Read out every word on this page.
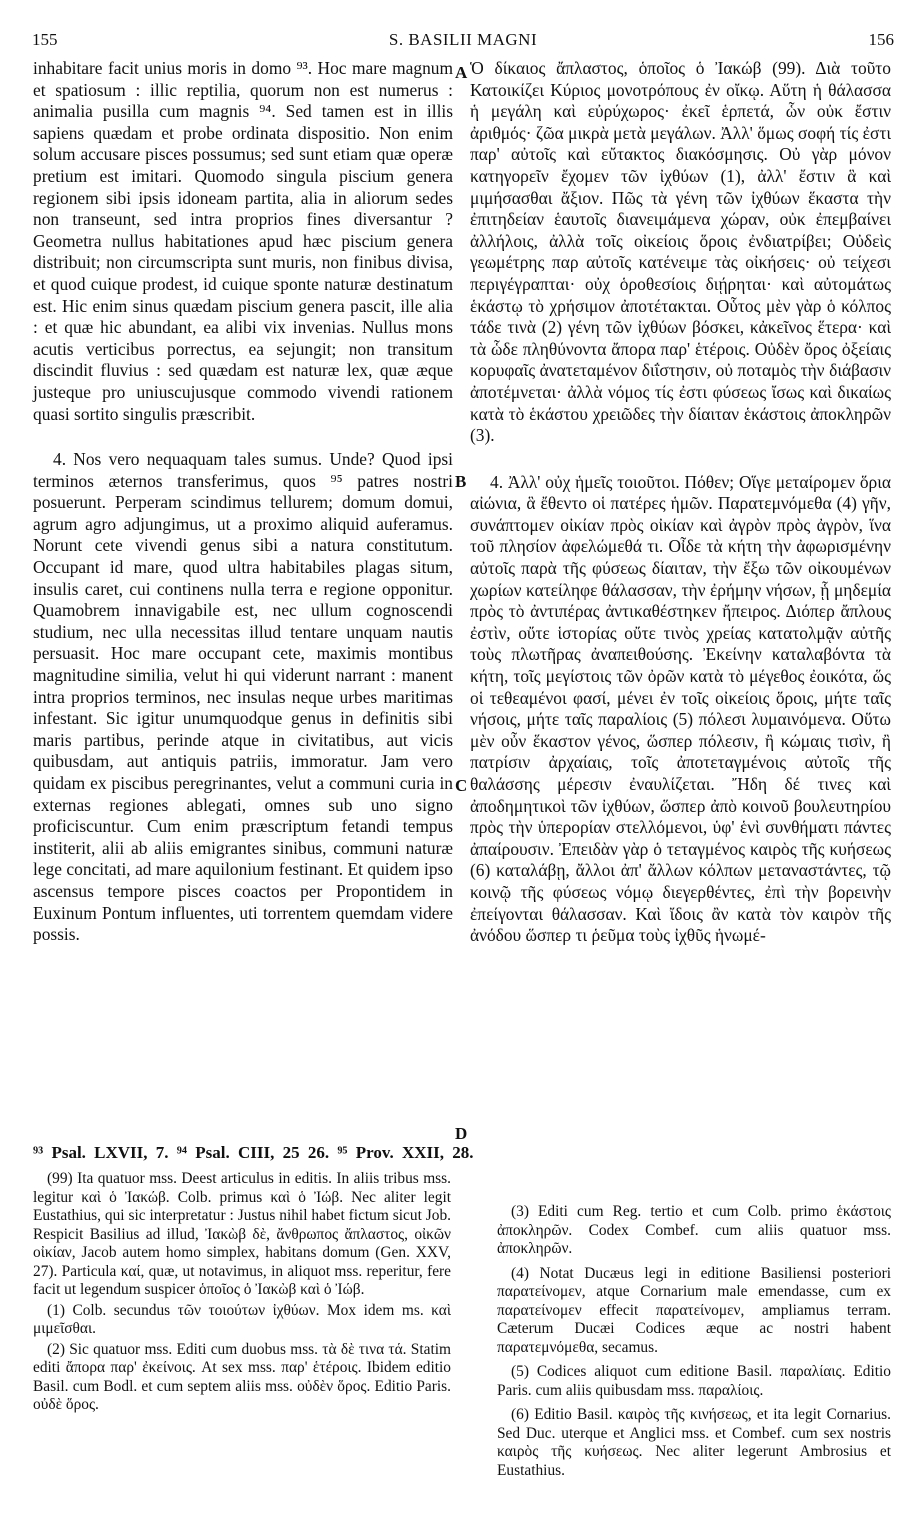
155	S. BASILII MAGNI	156

inhabitare facit unius moris in domo ⁹³. Hoc mare magnum et spatiosum : illic reptilia, quorum non est numerus : animalia pusilla cum magnis ⁹⁴. Sed tamen est in illis sapiens quædam et probe ordinata dispositio. Non enim solum accusare pisces possumus; sed sunt etiam quæ operæ pretium est imitari. Quomodo singula piscium genera regionem sibi ipsis idoneam partita, alia in aliorum sedes non transeunt, sed intra proprios fines diversantur ? Geometra nullus habitationes apud hæc piscium genera distribuit; non circumscripta sunt muris, non finibus divisa, et quod cuique prodest, id cuique sponte naturæ destinatum est. Hic enim sinus quædam piscium genera pascit, ille alia : et quæ hic abundant, ea alibi vix invenias. Nullus mons acutis verticibus porrectus, ea sejungit; non transitum discindit fluvius : sed quædam est naturæ lex, quæ æque justeque pro uniuscujusque commodo vivendi rationem quasi sortito singulis præscribit.

4. Nos vero nequaquam tales sumus. Unde? Quod ipsi terminos æternos transferimus, quos ⁹⁵ patres nostri posuerunt. Perperam scindimus tellurem; domum domui, agrum agro adjungimus, ut a proximo aliquid auferamus. Norunt cete vivendi genus sibi a natura constitutum. Occupant id mare, quod ultra habitabiles plagas situm, insulis caret, cui continens nulla terra e regione opponitur. Quamobrem innavigabile est, nec ullum cognoscendi studium, nec ulla necessitas illud tentare unquam nautis persuasit. Hoc mare occupant cete, maximis montibus magnitudine similia, velut hi qui viderunt narrant : manent intra proprios terminos, nec insulas neque urbes maritimas infestant. Sic igitur unumquodque genus in definitis sibi maris partibus, perinde atque in civitatibus, aut vicis quibusdam, aut antiquis patriis, immoratur. Jam vero quidam ex piscibus peregrinantes, velut a communi curia in externas regiones ablegati, omnes sub uno signo proficiscuntur. Cum enim præscriptum fetandi tempus institerit, alii ab aliis emigrantes sinibus, communi naturæ lege concitati, ad mare aquilonium festinant. Et quidem ipso ascensus tempore pisces coactos per Propontidem in Euxinum Pontum influentes, uti torrentem quemdam videre possis.

Ὁ δίκαιος ἄπλαστος, ὁποῖος ὁ Ἰακώβ (99). Διὰ τοῦτο Κατοικίζει Κύριος μονοτρόπους ἐν οἴκῳ. Αὕτη ἡ θάλασσα ἡ μεγάλη καὶ εὐρύχωρος· ἐκεῖ ἑρπετά, ὧν οὐκ ἔστιν ἀριθμός· ζῶα μικρὰ μετὰ μεγάλων. Ἀλλ' ὅμως σοφή τίς ἐστι παρ' αὐτοῖς καὶ εὔτακτος διακόσμησις. Οὐ γὰρ μόνον κατηγορεῖν ἔχομεν τῶν ἰχθύων (1), ἀλλ' ἔστιν ἃ καὶ μιμήσασθαι ἄξιον. Πῶς τὰ γένη τῶν ἰχθύων ἕκαστα τὴν ἐπιτηδείαν ἑαυτοῖς διανειμάμενα χώραν, οὐκ ἐπεμβαίνει ἀλλήλοις, ἀλλὰ τοῖς οἰκείοις ὅροις ἐνδιατρίβει; Οὐδεὶς γεωμέτρης παρ αὐτοῖς κατένειμε τὰς οἰκήσεις· οὐ τείχεσι περιγέγραπται· οὐχ ὁροθεσίοις διῄρηται· καὶ αὐτομάτως ἑκάστῳ τὸ χρήσιμον ἀποτέτακται. Οὗτος μὲν γὰρ ὁ κόλπος τάδε τινὰ (2) γένη τῶν ἰχθύων βόσκει, κἀκεῖνος ἕτερα· καὶ τὰ ὧδε πληθύνοντα ἄπορα παρ' ἑτέροις. Οὐδὲν ὄρος ὀξείαις κορυφαῖς ἀνατεταμένον διΐστησιν, οὐ ποταμὸς τὴν διάβασιν ἀποτέμνεται· ἀλλὰ νόμος τίς ἐστι φύσεως ἴσως καὶ δικαίως κατὰ τὸ ἑκάστου χρειῶδες τὴν δίαιταν ἑκάστοις ἀποκληρῶν (3).

4. Ἀλλ' οὐχ ἡμεῖς τοιοῦτοι. Πόθεν; Οἵγε μεταίρομεν ὅρια αἰώνια, ἃ ἔθεντο οἱ πατέρες ἡμῶν. Παρατεμνόμεθα (4) γῆν, συνάπτομεν οἰκίαν πρὸς οἰκίαν καὶ ἀγρὸν πρὸς ἀγρὸν, ἵνα τοῦ πλησίον ἀφελώμεθά τι. Οἶδε τὰ κήτη τὴν ἀφωρισμένην αὐτοῖς παρὰ τῆς φύσεως δίαιταν, τὴν ἔξω τῶν οἰκουμένων χωρίων κατείληφε θάλασσαν, τὴν ἐρήμην νήσων, ᾗ μηδεμία πρὸς τὸ ἀντιπέρας ἀντικαθέστηκεν ἤπειρος. Διόπερ ἄπλους ἐστὶν, οὔτε ἱστορίας οὔτε τινὸς χρείας κατατολμᾷν αὐτῆς τοὺς πλωτῆρας ἀναπειθούσης. Ἐκείνην καταλαβόντα τὰ κήτη, τοῖς μεγίστοις τῶν ὀρῶν κατὰ τὸ μέγεθος ἐοικότα, ὥς οἱ τεθεαμένοι φασί, μένει ἐν τοῖς οἰκείοις ὅροις, μήτε ταῖς νήσοις, μήτε ταῖς παραλίοις (5) πόλεσι λυμαινόμενα. Οὕτω μὲν οὖν ἕκαστον γένος, ὥσπερ πόλεσιν, ἢ κώμαις τισὶν, ἢ πατρίσιν ἀρχαίαις, τοῖς ἀποτεταγμένοις αὐτοῖς τῆς θαλάσσης μέρεσιν ἐναυλίζεται. Ἤδη δέ τινες καὶ ἀποδημητικοὶ τῶν ἰχθύων, ὥσπερ ἀπὸ κοινοῦ βουλευτηρίου πρὸς τὴν ὑπερορίαν στελλόμενοι, ὑφ' ἑνὶ συνθήματι πάντες ἀπαίρουσιν. Ἐπειδὰν γὰρ ὁ τεταγμένος καιρὸς τῆς κυήσεως (6) καταλάβῃ, ἄλλοι ἀπ' ἄλλων κόλπων μεταναστάντες, τῷ κοινῷ τῆς φύσεως νόμῳ διεγερθέντες, ἐπὶ τὴν βορεινὴν ἐπείγονται θάλασσαν. Καὶ ἴδοις ἂν κατὰ τὸν καιρὸν τῆς ἀνόδου ὥσπερ τι ῥεῦμα τοὺς ἰχθῦς ἡνωμέ-

A
B
C
D
⁹³ Psal. LXVII, 7. ⁹⁴ Psal. CIII, 25 26. ⁹⁵ Prov. XXII, 28.

(99) Ita quatuor mss. Deest articulus in editis. In aliis tribus mss. legitur καὶ ὁ Ἰακώβ. Colb. primus καὶ ὁ Ἰώβ. Nec aliter legit Eustathius, qui sic interpretatur : Justus nihil habet fictum sicut Job. Respicit Basilius ad illud, Ἰακὼβ δὲ, ἄνθρωπος ἄπλαστος, οἰκῶν οἰκίαν, Jacob autem homo simplex, habitans domum (Gen. XXV, 27). Particula καί, quæ, ut notavimus, in aliquot mss. reperitur, fere facit ut legendum suspicer ὁποῖος ὁ Ἰακὼβ καὶ ὁ Ἰώβ.

(1) Colb. secundus τῶν τοιούτων ἰχθύων. Mox idem ms. καὶ μιμεῖσθαι.

(2) Sic quatuor mss. Editi cum duobus mss. τὰ δὲ τινα τά. Statim editi ἄπορα παρ' ἐκείνοις. At sex mss. παρ' ἑτέροις. Ibidem editio Basil. cum Bodl. et cum septem aliis mss. οὐδὲν ὅρος. Editio Paris. οὐδὲ ὅρος.

(3) Editi cum Reg. tertio et cum Colb. primo ἑκάστοις ἀποκληρῶν. Codex Combef. cum aliis quatuor mss. ἀποκληρῶν.

(4) Notat Ducæus legi in editione Basiliensi posteriori παρατείνομεν, atque Cornarium male emendasse, cum ex παρατείνομεν effecit παρατείνομεν, ampliamus terram. Cæterum Ducæi Codices æque ac nostri habent παρατεμνόμεθα, secamus.

(5) Codices aliquot cum editione Basil. παραλίαις. Editio Paris. cum aliis quibusdam mss. παραλίοις.

(6) Editio Basil. καιρὸς τῆς κινήσεως, et ita legit Cornarius. Sed Duc. uterque et Anglici mss. et Combef. cum sex nostris καιρὸς τῆς κυήσεως. Nec aliter legerunt Ambrosius et Eustathius.
